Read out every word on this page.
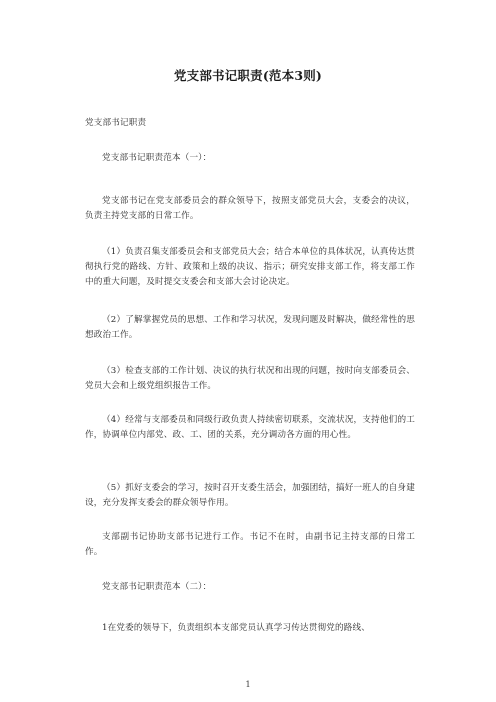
党支部书记职责(范本3则)
党支部书记职责
党支部书记职责范本（一）：
党支部书记在党支部委员会的群众领导下，按照支部党员大会，支委会的决议，负责主持党支部的日常工作。
（1）负责召集支部委员会和支部党员大会；结合本单位的具体状况，认真传达贯彻执行党的路线、方针、政策和上级的决议、指示；研究安排支部工作，将支部工作中的重大问题，及时提交支委会和支部大会讨论决定。
（2）了解掌握党员的思想、工作和学习状况，发现问题及时解决，做经常性的思想政治工作。
（3）检查支部的工作计划、决议的执行状况和出现的问题，按时向支部委员会、党员大会和上级党组织报告工作。
（4）经常与支部委员和同级行政负责人持续密切联系，交流状况，支持他们的工作，协调单位内部党、政、工、团的关系，充分调动各方面的用心性。
（5）抓好支委会的学习，按时召开支委生活会，加强团结，搞好一班人的自身建设，充分发挥支委会的群众领导作用。
支部副书记协助支部书记进行工作。书记不在时，由副书记主持支部的日常工作。
党支部书记职责范本（二）：
1在党委的领导下，负责组织本支部党员认真学习传达贯彻党的路线、
1
